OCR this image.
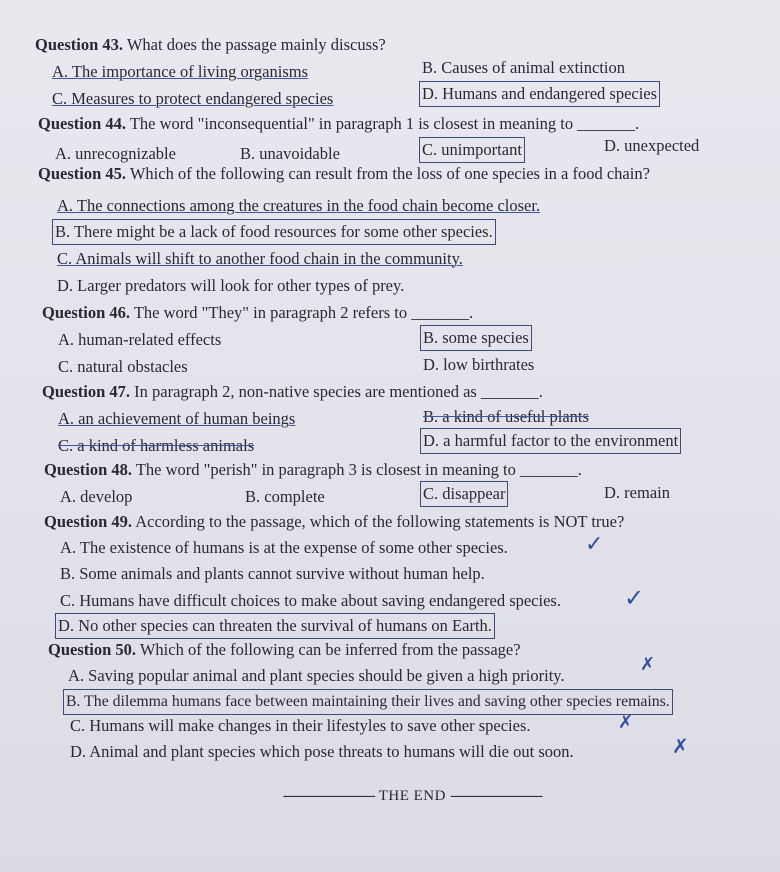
Question 43. What does the passage mainly discuss?
A. The importance of living organisms	B. Causes of animal extinction
C. Measures to protect endangered species	D. Humans and endangered species
Question 44. The word "inconsequential" in paragraph 1 is closest in meaning to _______.
A. unrecognizable	B. unavoidable	C. unimportant	D. unexpected
Question 45. Which of the following can result from the loss of one species in a food chain?
A. The connections among the creatures in the food chain become closer.
B. There might be a lack of food resources for some other species.
C. Animals will shift to another food chain in the community.
D. Larger predators will look for other types of prey.
Question 46. The word "They" in paragraph 2 refers to _______.
A. human-related effects	B. some species
C. natural obstacles	D. low birthrates
Question 47. In paragraph 2, non-native species are mentioned as _______.
A. an achievement of human beings	B. a kind of useful plants
C. a kind of harmless animals	D. a harmful factor to the environment
Question 48. The word "perish" in paragraph 3 is closest in meaning to _______.
A. develop	B. complete	C. disappear	D. remain
Question 49. According to the passage, which of the following statements is NOT true?
A. The existence of humans is at the expense of some other species.
B. Some animals and plants cannot survive without human help.
C. Humans have difficult choices to make about saving endangered species.
D. No other species can threaten the survival of humans on Earth.
Question 50. Which of the following can be inferred from the passage?
A. Saving popular animal and plant species should be given a high priority.
B. The dilemma humans face between maintaining their lives and saving other species remains.
C. Humans will make changes in their lifestyles to save other species.
D. Animal and plant species which pose threats to humans will die out soon.
✓
✓
✗
✗
✗
----------------------- THE END -----------------------
